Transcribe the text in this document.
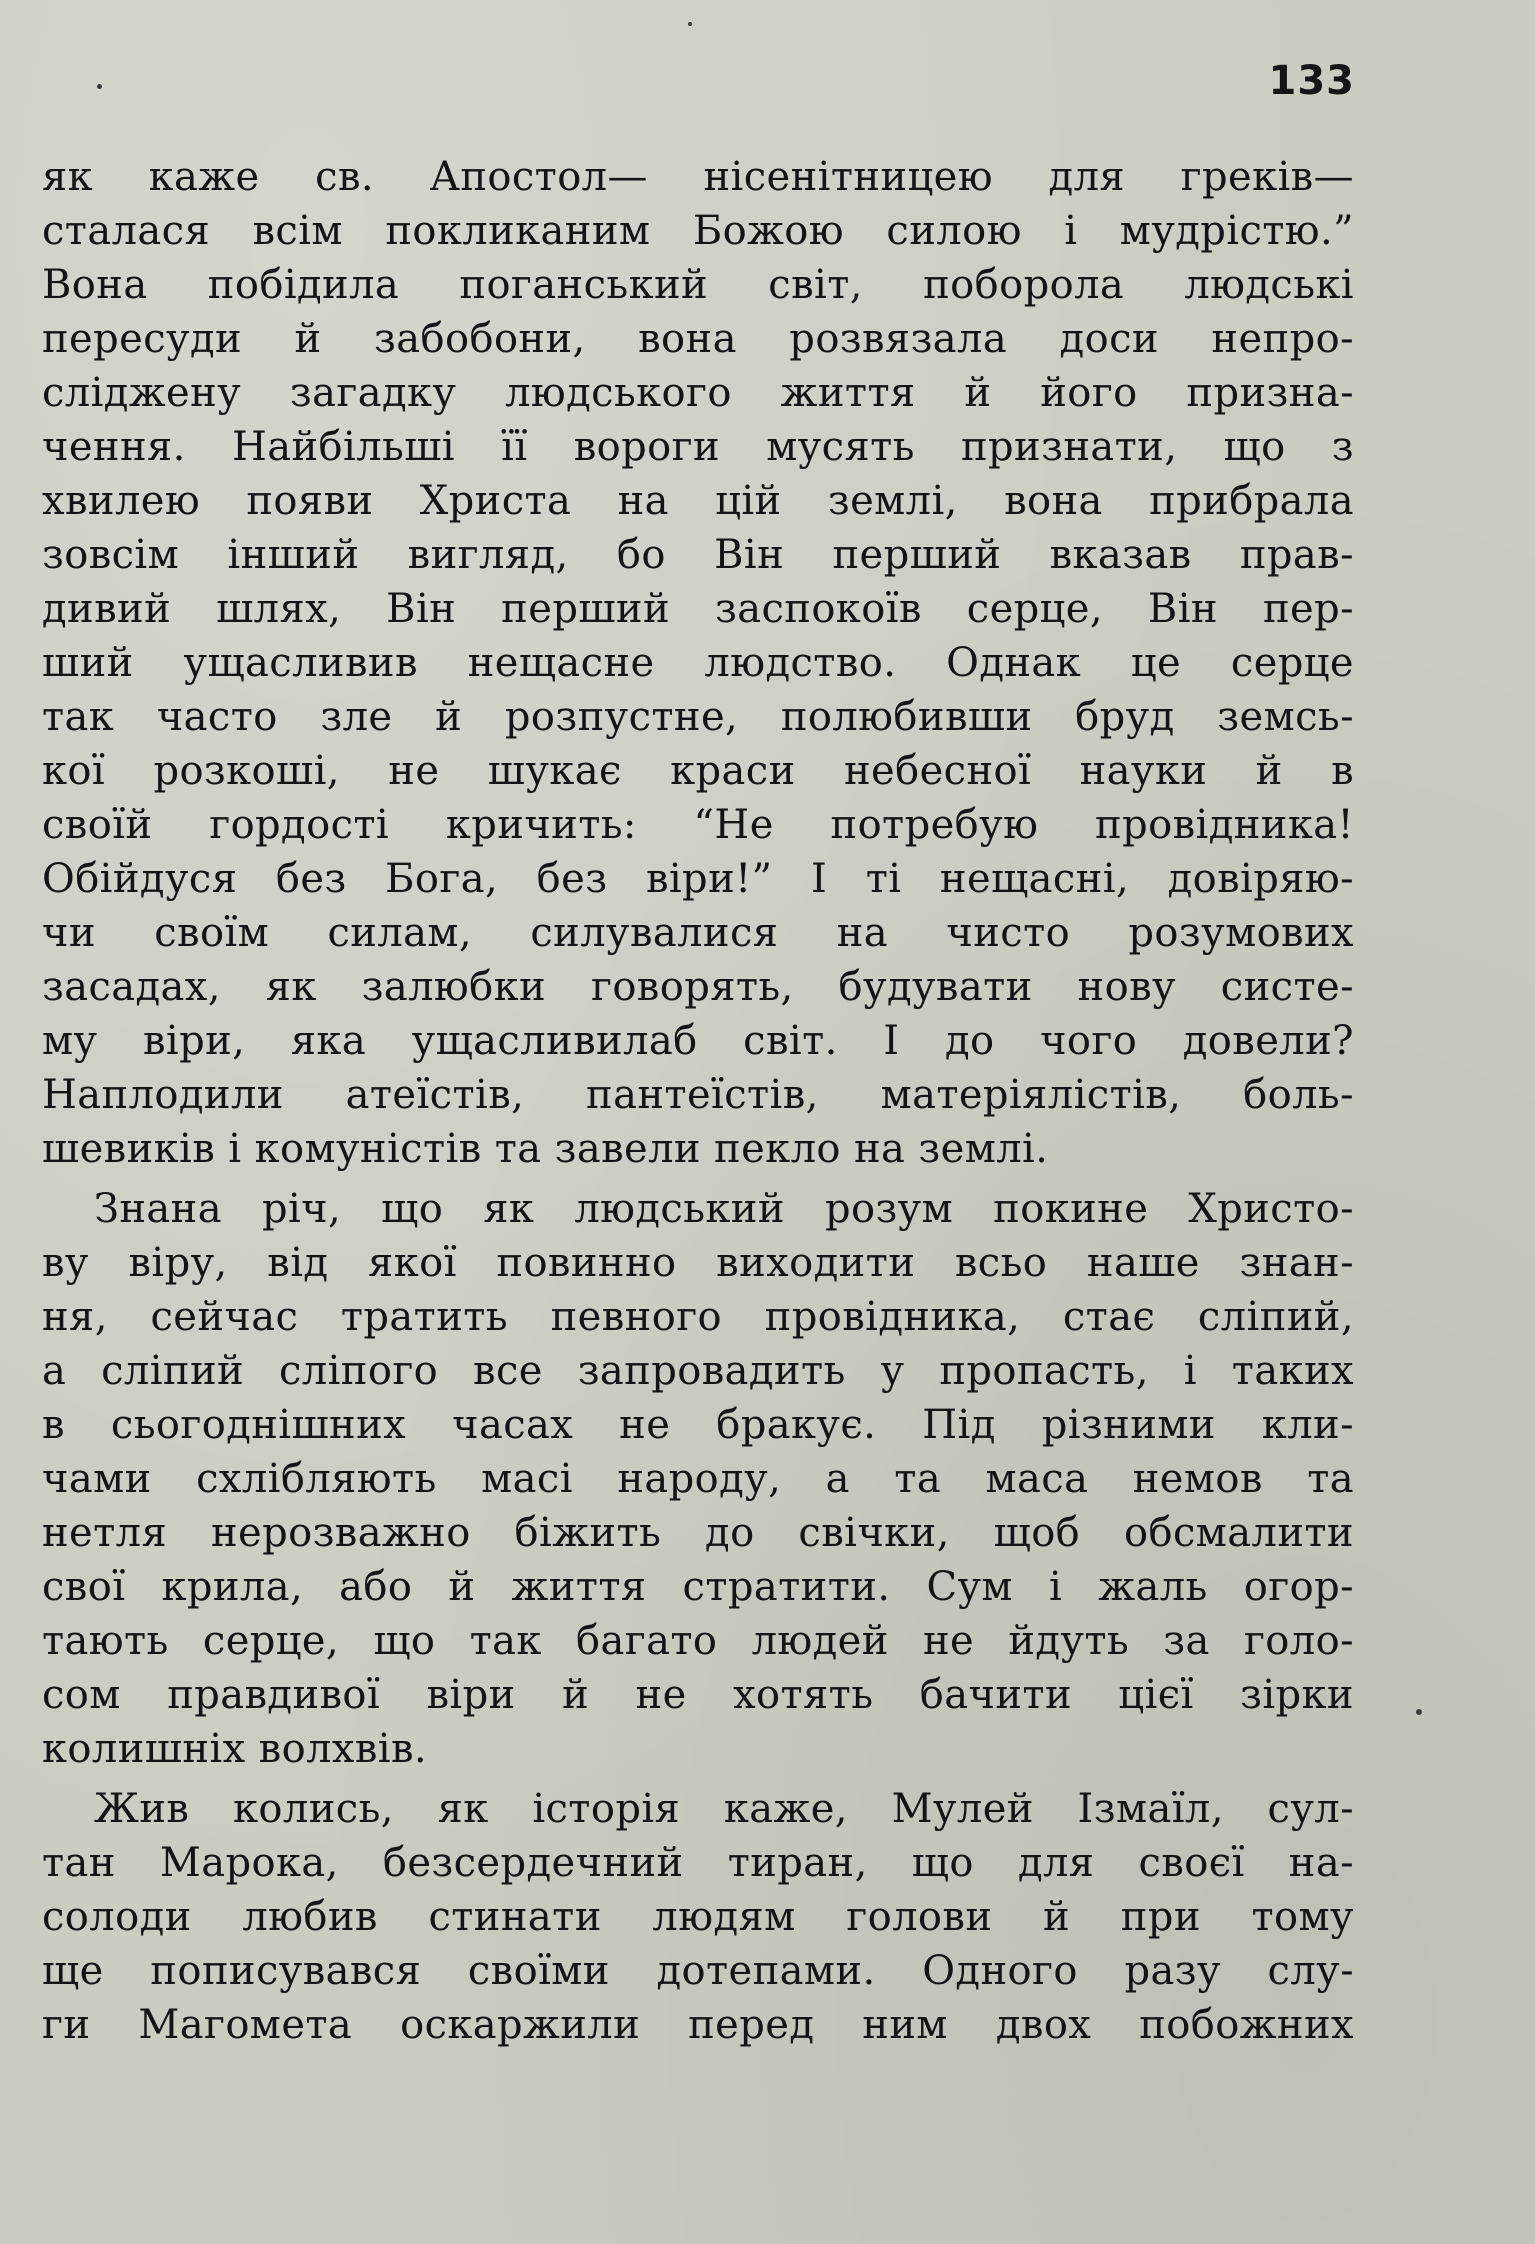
133
як каже св. Апостол— нісенітницею для греків—
сталася всім покликаним Божою силою і мудрістю.”
Вона побідила поганський світ, поборола людські
пересуди й забобони, вона розвязала доси непро-
сліджену загадку людського життя й його призна-
чення. Найбільші її вороги мусять признати, що з
хвилею появи Христа на цій землі, вона прибрала
зовсім інший вигляд, бо Він перший вказав прав-
дивий шлях, Він перший заспокоїв серце, Він пер-
ший ущасливив нещасне людство. Однак це серце
так часто зле й розпустне, полюбивши бруд земсь-
кої розкоші, не шукає краси небесної науки й в
своїй гордості кричить: “Не потребую провідника!
Обійдуся без Бога, без віри!” І ті нещасні, довіряю-
чи своїм силам, силувалися на чисто розумових
засадах, як залюбки говорять, будувати нову систе-
му віри, яка ущасливилаб світ. І до чого довели?
Наплодили атеїстів, пантеїстів, матеріялістів, боль-
шевиків і комуністів та завели пекло на землі.
Знана річ, що як людський розум покине Христо-
ву віру, від якої повинно виходити всьо наше знан-
ня, сейчас тратить певного провідника, стає сліпий,
а сліпий сліпого все запровадить у пропасть, і таких
в сьогоднішних часах не бракує. Під різними кли-
чами схлібляють масі народу, а та маса немов та
нетля нерозважно біжить до свічки, щоб обсмалити
свої крила, або й життя стратити. Сум і жаль огор-
тають серце, що так багато людей не йдуть за голо-
сом правдивої віри й не хотять бачити цієї зірки
колишніх волхвів.
Жив колись, як історія каже, Мулей Ізмаїл, сул-
тан Марока, безсердечний тиран, що для своєї на-
солоди любив стинати людям голови й при тому
ще пописувався своїми дотепами. Одного разу слу-
ги Магомета оскаржили перед ним двох побожних
